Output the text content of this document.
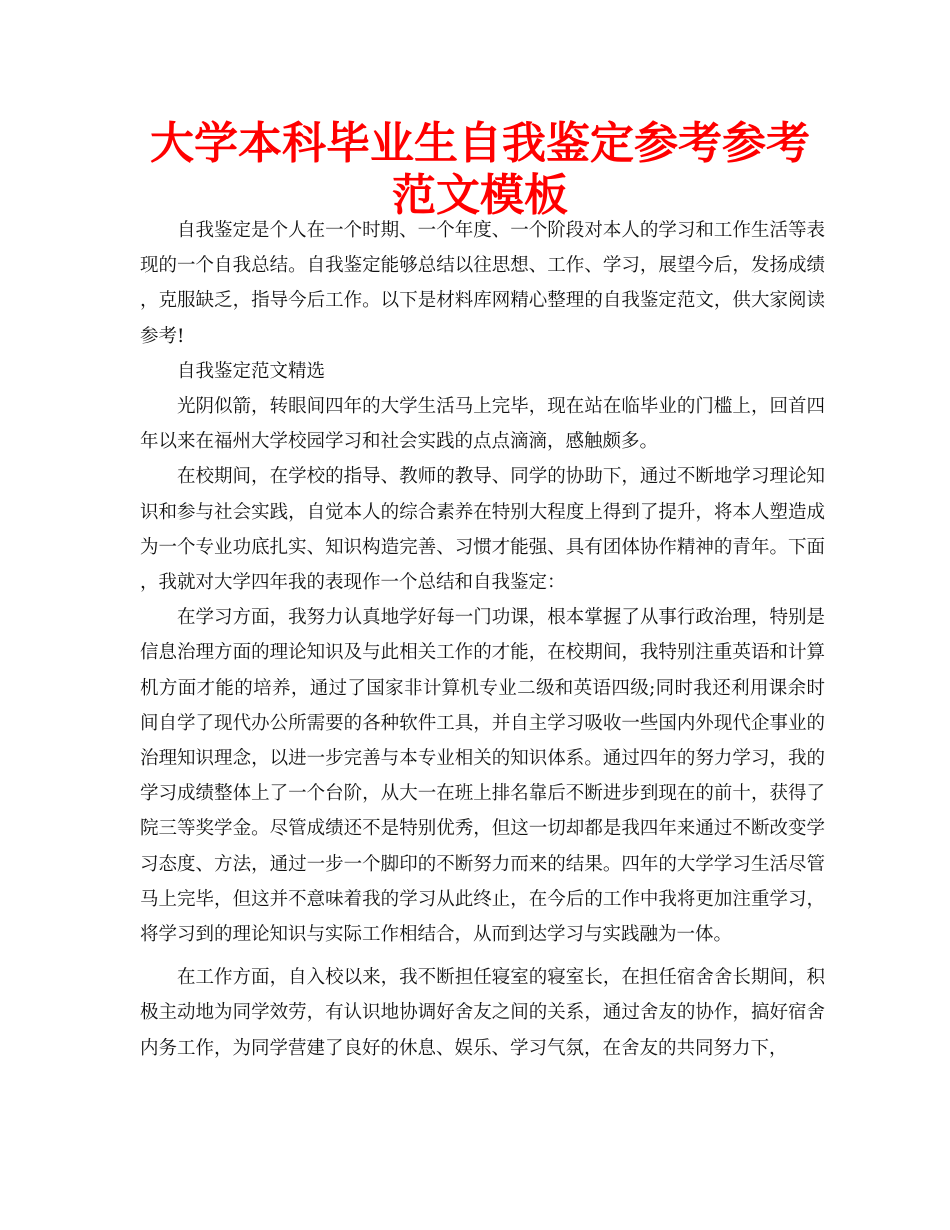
大学本科毕业生自我鉴定参考参考范文模板

自我鉴定是个人在一个时期、一个年度、一个阶段对本人的学习和工作生活等表现的一个自我总结。自我鉴定能够总结以往思想、工作、学习，展望今后，发扬成绩，克服缺乏，指导今后工作。以下是材料库网精心整理的自我鉴定范文，供大家阅读参考!

自我鉴定范文精选

光阴似箭，转眼间四年的大学生活马上完毕，现在站在临毕业的门槛上，回首四年以来在福州大学校园学习和社会实践的点点滴滴，感触颇多。

在校期间，在学校的指导、教师的教导、同学的协助下，通过不断地学习理论知识和参与社会实践，自觉本人的综合素养在特别大程度上得到了提升，将本人塑造成为一个专业功底扎实、知识构造完善、习惯才能强、具有团体协作精神的青年。下面，我就对大学四年我的表现作一个总结和自我鉴定：

在学习方面，我努力认真地学好每一门功课，根本掌握了从事行政治理，特别是信息治理方面的理论知识及与此相关工作的才能，在校期间，我特别注重英语和计算机方面才能的培养，通过了国家非计算机专业二级和英语四级;同时我还利用课余时间自学了现代办公所需要的各种软件工具，并自主学习吸收一些国内外现代企事业的治理知识理念，以进一步完善与本专业相关的知识体系。通过四年的努力学习，我的学习成绩整体上了一个台阶，从大一在班上排名靠后不断进步到现在的前十，获得了院三等奖学金。尽管成绩还不是特别优秀，但这一切却都是我四年来通过不断改变学习态度、方法，通过一步一个脚印的不断努力而来的结果。四年的大学学习生活尽管马上完毕，但这并不意味着我的学习从此终止，在今后的工作中我将更加注重学习，将学习到的理论知识与实际工作相结合，从而到达学习与实践融为一体。

在工作方面，自入校以来，我不断担任寝室的寝室长，在担任宿舍舍长期间，积极主动地为同学效劳，有认识地协调好舍友之间的关系，通过舍友的协作，搞好宿舍内务工作，为同学营建了良好的休息、娱乐、学习气氛，在舍友的共同努力下，
